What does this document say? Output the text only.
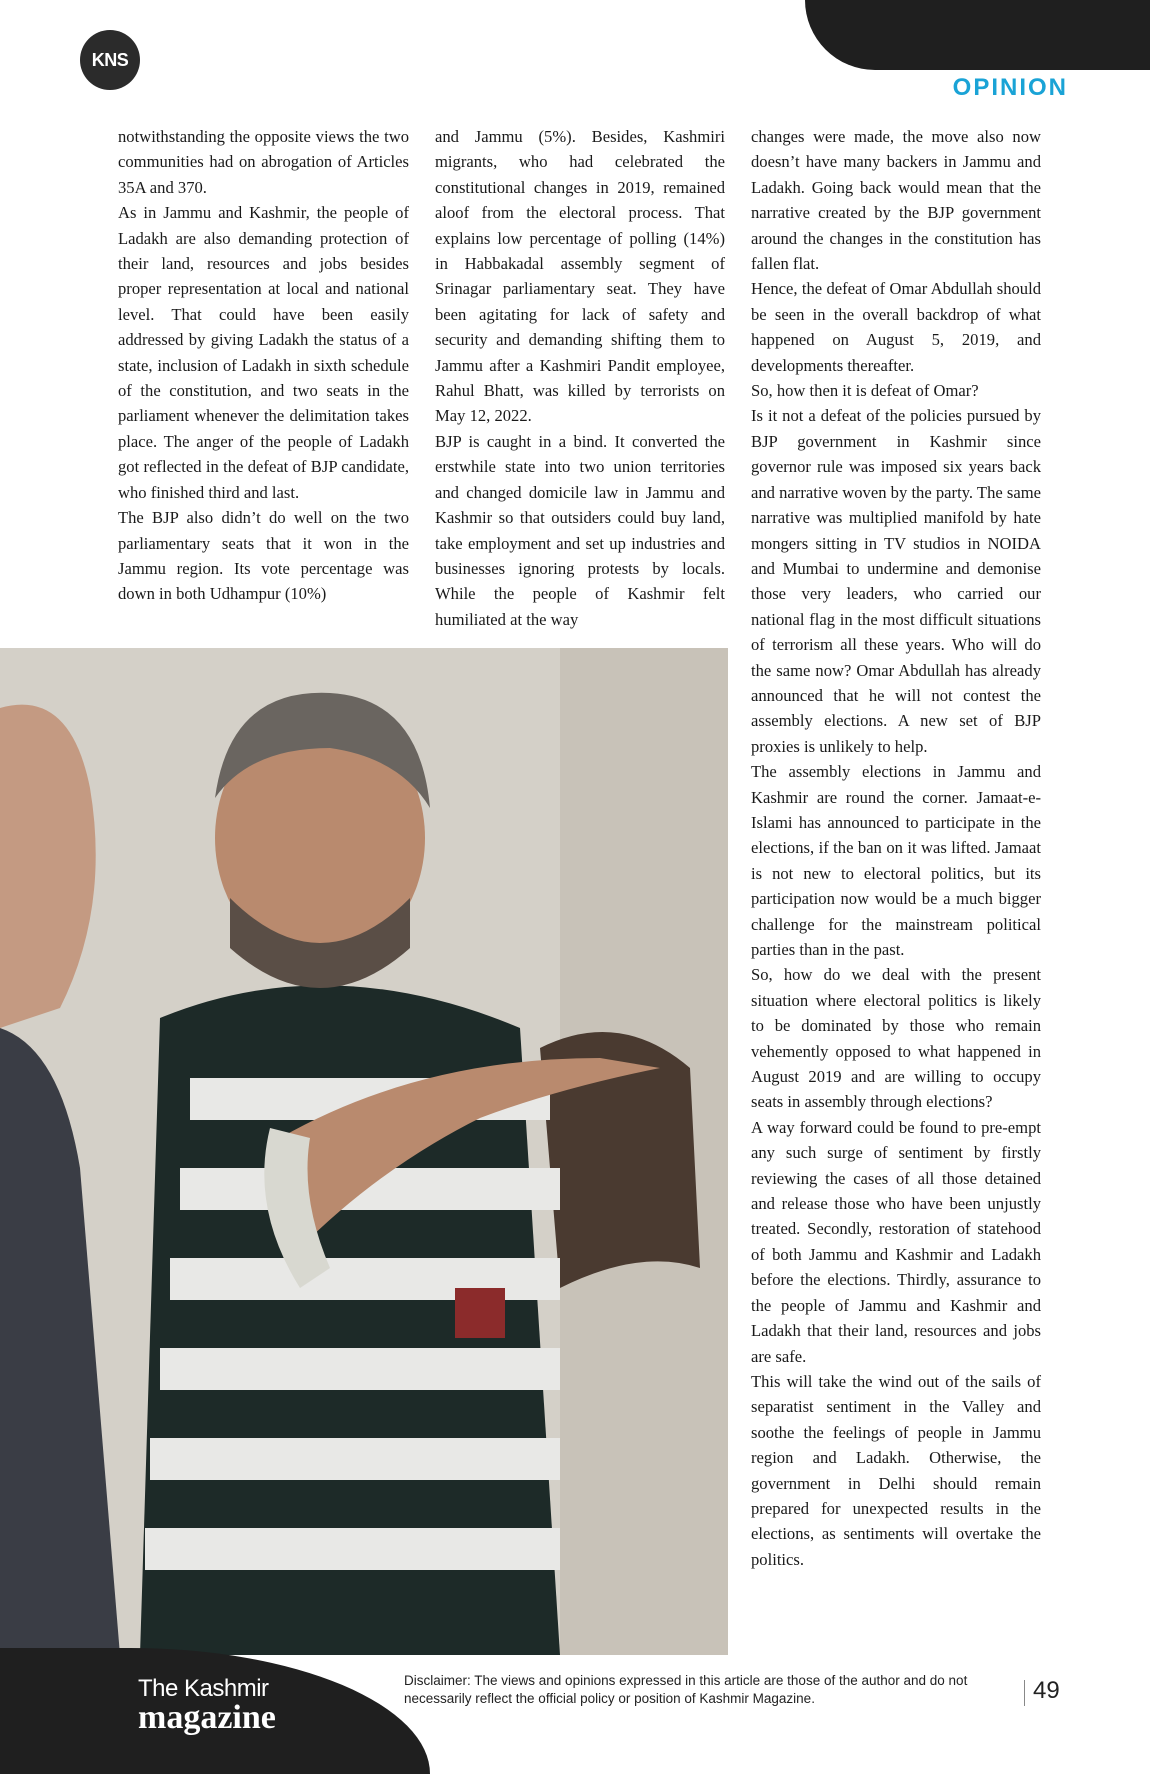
KNS
OPINION

notwithstanding the opposite views the two communities had on abrogation of Articles 35A and 370.

As in Jammu and Kashmir, the people of Ladakh are also demanding protection of their land, resources and jobs besides proper representation at local and national level. That could have been easily addressed by giving Ladakh the status of a state, inclusion of Ladakh in sixth schedule of the constitution, and two seats in the parliament whenever the delimitation takes place. The anger of the people of Ladakh got reflected in the defeat of BJP candidate, who finished third and last.

The BJP also didn’t do well on the two parliamentary seats that it won in the Jammu region. Its vote percentage was down in both Udhampur (10%)

and Jammu (5%). Besides, Kashmiri migrants, who had celebrated the constitutional changes in 2019, remained aloof from the electoral process. That explains low percentage of polling (14%) in Habbakadal assembly segment of Srinagar parliamentary seat. They have been agitating for lack of safety and security and demanding shifting them to Jammu after a Kashmiri Pandit employee, Rahul Bhatt, was killed by terrorists on May 12, 2022.

BJP is caught in a bind. It converted the erstwhile state into two union territories and changed domicile law in Jammu and Kashmir so that outsiders could buy land, take employment and set up industries and businesses ignoring protests by locals. While the people of Kashmir felt humiliated at the way

changes were made, the move also now doesn’t have many backers in Jammu and Ladakh. Going back would mean that the narrative created by the BJP government around the changes in the constitution has fallen flat.

Hence, the defeat of Omar Abdullah should be seen in the overall backdrop of what happened on August 5, 2019, and developments thereafter.

So, how then it is defeat of Omar?

Is it not a defeat of the policies pursued by BJP government in Kashmir since governor rule was imposed six years back and narrative woven by the party. The same narrative was multiplied manifold by hate mongers sitting in TV studios in NOIDA and Mumbai to undermine and demonise those very leaders, who carried our national flag in the most difficult situations of terrorism all these years. Who will do the same now? Omar Abdullah has already announced that he will not contest the assembly elections. A new set of BJP proxies is unlikely to help.

The assembly elections in Jammu and Kashmir are round the corner. Jamaat-e-Islami has announced to participate in the elections, if the ban on it was lifted. Jamaat is not new to electoral politics, but its participation now would be a much bigger challenge for the mainstream political parties than in the past.

So, how do we deal with the present situation where electoral politics is likely to be dominated by those who remain vehemently opposed to what happened in August 2019 and are willing to occupy seats in assembly through elections?

A way forward could be found to pre-empt any such surge of sentiment by firstly reviewing the cases of all those detained and release those who have been unjustly treated. Secondly, restoration of statehood of both Jammu and Kashmir and Ladakh before the elections. Thirdly, assurance to the people of Jammu and Kashmir and Ladakh that their land, resources and jobs are safe.

This will take the wind out of the sails of separatist sentiment in the Valley and soothe the feelings of people in Jammu region and Ladakh. Otherwise, the government in Delhi should remain prepared for unexpected results in the elections, as sentiments will overtake the politics.

The Kashmir
magazine
Disclaimer: The views and opinions expressed in this article are those of the author and do not necessarily reflect the official policy or position of Kashmir Magazine.	49
